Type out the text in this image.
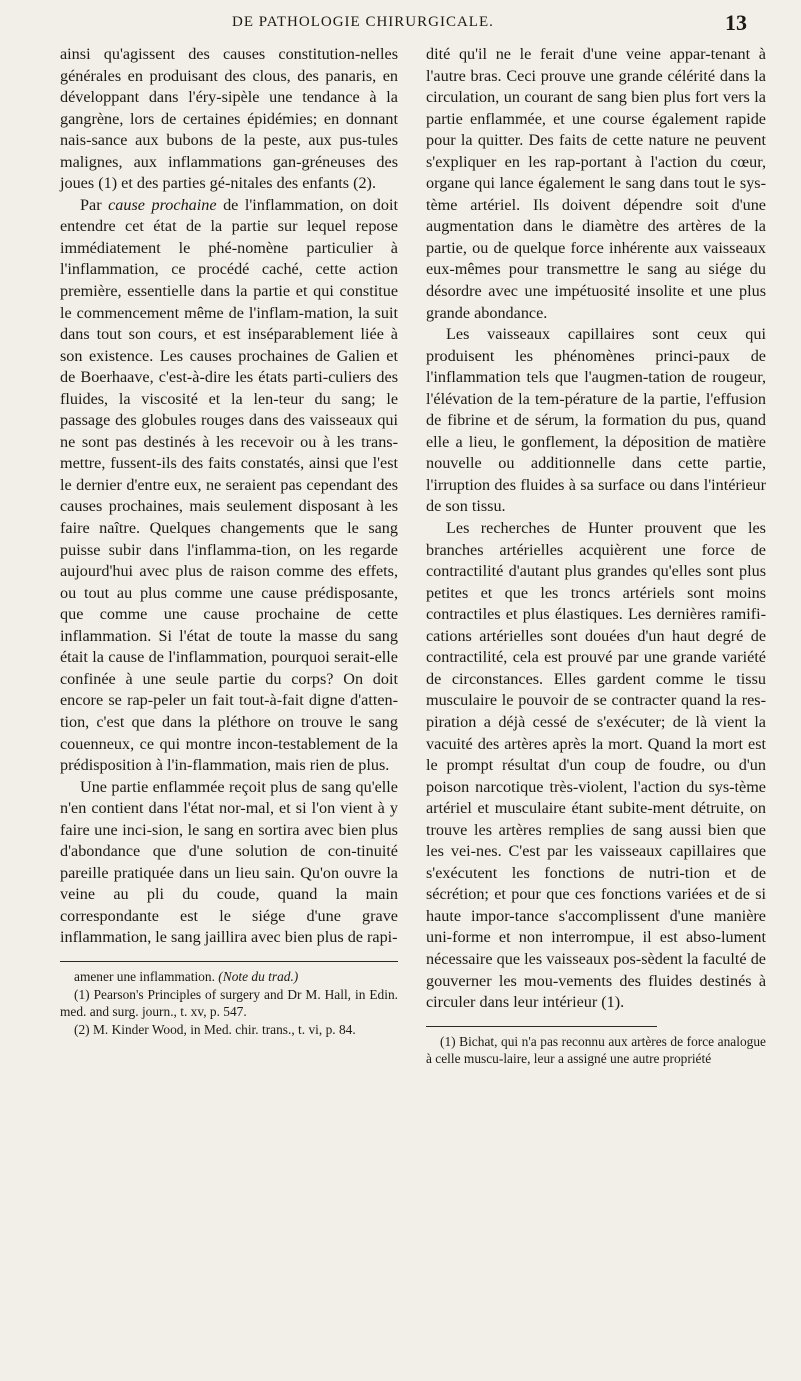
DE PATHOLOGIE CHIRURGICALE.	13

ainsi qu'agissent des causes constitution-nelles générales en produisant des clous, des panaris, en développant dans l'éry-sipèle une tendance à la gangrène, lors de certaines épidémies; en donnant nais-sance aux bubons de la peste, aux pus-tules malignes, aux inflammations gan-gréneuses des joues (1) et des parties gé-nitales des enfants (2).

Par cause prochaine de l'inflammation, on doit entendre cet état de la partie sur lequel repose immédiatement le phé-nomène particulier à l'inflammation, ce procédé caché, cette action première, essentielle dans la partie et qui constitue le commencement même de l'inflam-mation, la suit dans tout son cours, et est inséparablement liée à son existence. Les causes prochaines de Galien et de Boerhaave, c'est-à-dire les états parti-culiers des fluides, la viscosité et la len-teur du sang; le passage des globules rouges dans des vaisseaux qui ne sont pas destinés à les recevoir ou à les trans-mettre, fussent-ils des faits constatés, ainsi que l'est le dernier d'entre eux, ne seraient pas cependant des causes prochaines, mais seulement disposant à les faire naître. Quelques changements que le sang puisse subir dans l'inflamma-tion, on les regarde aujourd'hui avec plus de raison comme des effets, ou tout au plus comme une cause prédisposante, que comme une cause prochaine de cette inflammation. Si l'état de toute la masse du sang était la cause de l'inflammation, pourquoi serait-elle confinée à une seule partie du corps? On doit encore se rap-peler un fait tout-à-fait digne d'atten-tion, c'est que dans la pléthore on trouve le sang couenneux, ce qui montre incon-testablement de la prédisposition à l'in-flammation, mais rien de plus.

Une partie enflammée reçoit plus de sang qu'elle n'en contient dans l'état nor-mal, et si l'on vient à y faire une inci-sion, le sang en sortira avec bien plus d'abondance que d'une solution de con-tinuité pareille pratiquée dans un lieu sain. Qu'on ouvre la veine au pli du coude, quand la main correspondante est le siége d'une grave inflammation, le sang jaillira avec bien plus de rapi-

amener une inflammation. (Note du trad.)

(1) Pearson's Principles of surgery and Dr M. Hall, in Edin. med. and surg. journ., t. xv, p. 547.

(2) M. Kinder Wood, in Med. chir. trans., t. vi, p. 84.

dité qu'il ne le ferait d'une veine appar-tenant à l'autre bras. Ceci prouve une grande célérité dans la circulation, un courant de sang bien plus fort vers la partie enflammée, et une course également rapide pour la quitter. Des faits de cette nature ne peuvent s'expliquer en les rap-portant à l'action du cœur, organe qui lance également le sang dans tout le sys-tème artériel. Ils doivent dépendre soit d'une augmentation dans le diamètre des artères de la partie, ou de quelque force inhérente aux vaisseaux eux-mêmes pour transmettre le sang au siége du désordre avec une impétuosité insolite et une plus grande abondance.

Les vaisseaux capillaires sont ceux qui produisent les phénomènes princi-paux de l'inflammation tels que l'augmen-tation de rougeur, l'élévation de la tem-pérature de la partie, l'effusion de fibrine et de sérum, la formation du pus, quand elle a lieu, le gonflement, la déposition de matière nouvelle ou additionnelle dans cette partie, l'irruption des fluides à sa surface ou dans l'intérieur de son tissu.

Les recherches de Hunter prouvent que les branches artérielles acquièrent une force de contractilité d'autant plus grandes qu'elles sont plus petites et que les troncs artériels sont moins contractiles et plus élastiques. Les dernières ramifi-cations artérielles sont douées d'un haut degré de contractilité, cela est prouvé par une grande variété de circonstances. Elles gardent comme le tissu musculaire le pouvoir de se contracter quand la res-piration a déjà cessé de s'exécuter; de là vient la vacuité des artères après la mort. Quand la mort est le prompt résultat d'un coup de foudre, ou d'un poison narcotique très-violent, l'action du sys-tème artériel et musculaire étant subite-ment détruite, on trouve les artères remplies de sang aussi bien que les vei-nes. C'est par les vaisseaux capillaires que s'exécutent les fonctions de nutri-tion et de sécrétion; et pour que ces fonctions variées et de si haute impor-tance s'accomplissent d'une manière uni-forme et non interrompue, il est abso-lument nécessaire que les vaisseaux pos-sèdent la faculté de gouverner les mou-vements des fluides destinés à circuler dans leur intérieur (1).

(1) Bichat, qui n'a pas reconnu aux artères de force analogue à celle muscu-laire, leur a assigné une autre propriété
